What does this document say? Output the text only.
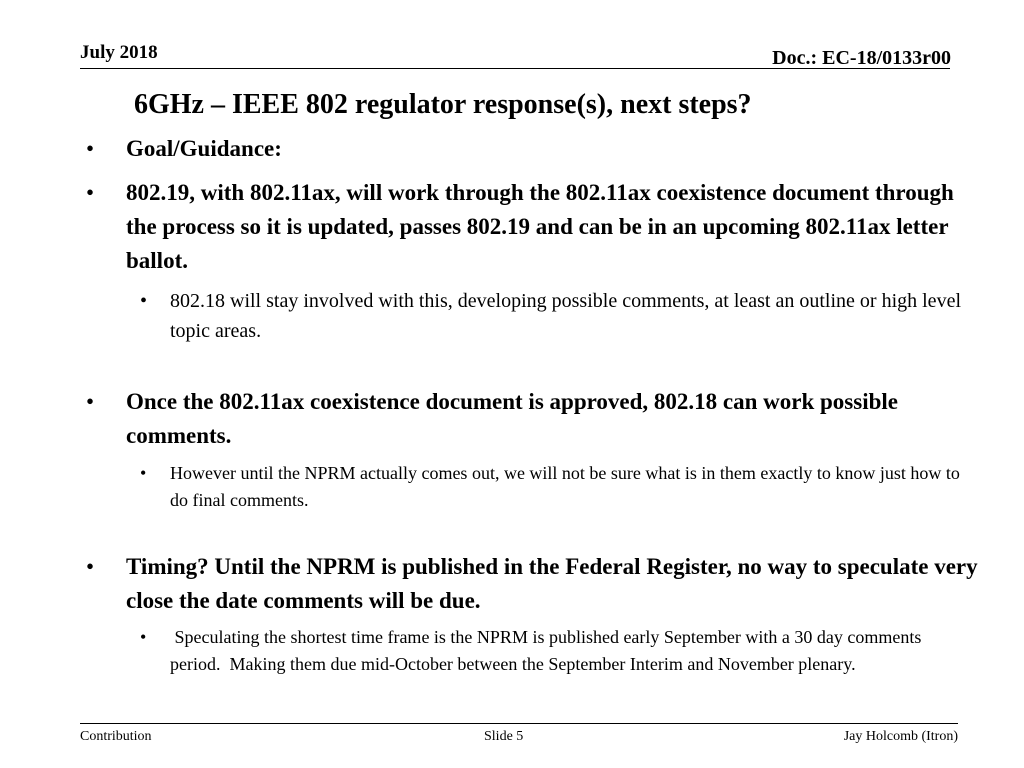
July 2018	Doc.: EC-18/0133r00
6GHz – IEEE 802 regulator response(s), next steps?
• Goal/Guidance:
• 802.19, with 802.11ax, will work through the 802.11ax coexistence document through the process so it is updated, passes 802.19 and can be in an upcoming 802.11ax letter ballot.
• 802.18 will stay involved with this, developing possible comments, at least an outline or high level topic areas.
• Once the 802.11ax coexistence document is approved, 802.18 can work possible comments.
• However until the NPRM actually comes out, we will not be sure what is in them exactly to know just how to do final comments.
• Timing? Until the NPRM is published in the Federal Register, no way to speculate very close the date comments will be due.
• Speculating the shortest time frame is the NPRM is published early September with a 30 day comments period.  Making them due mid-October between the September Interim and November plenary.
Contribution	Slide 5	Jay Holcomb (Itron)
